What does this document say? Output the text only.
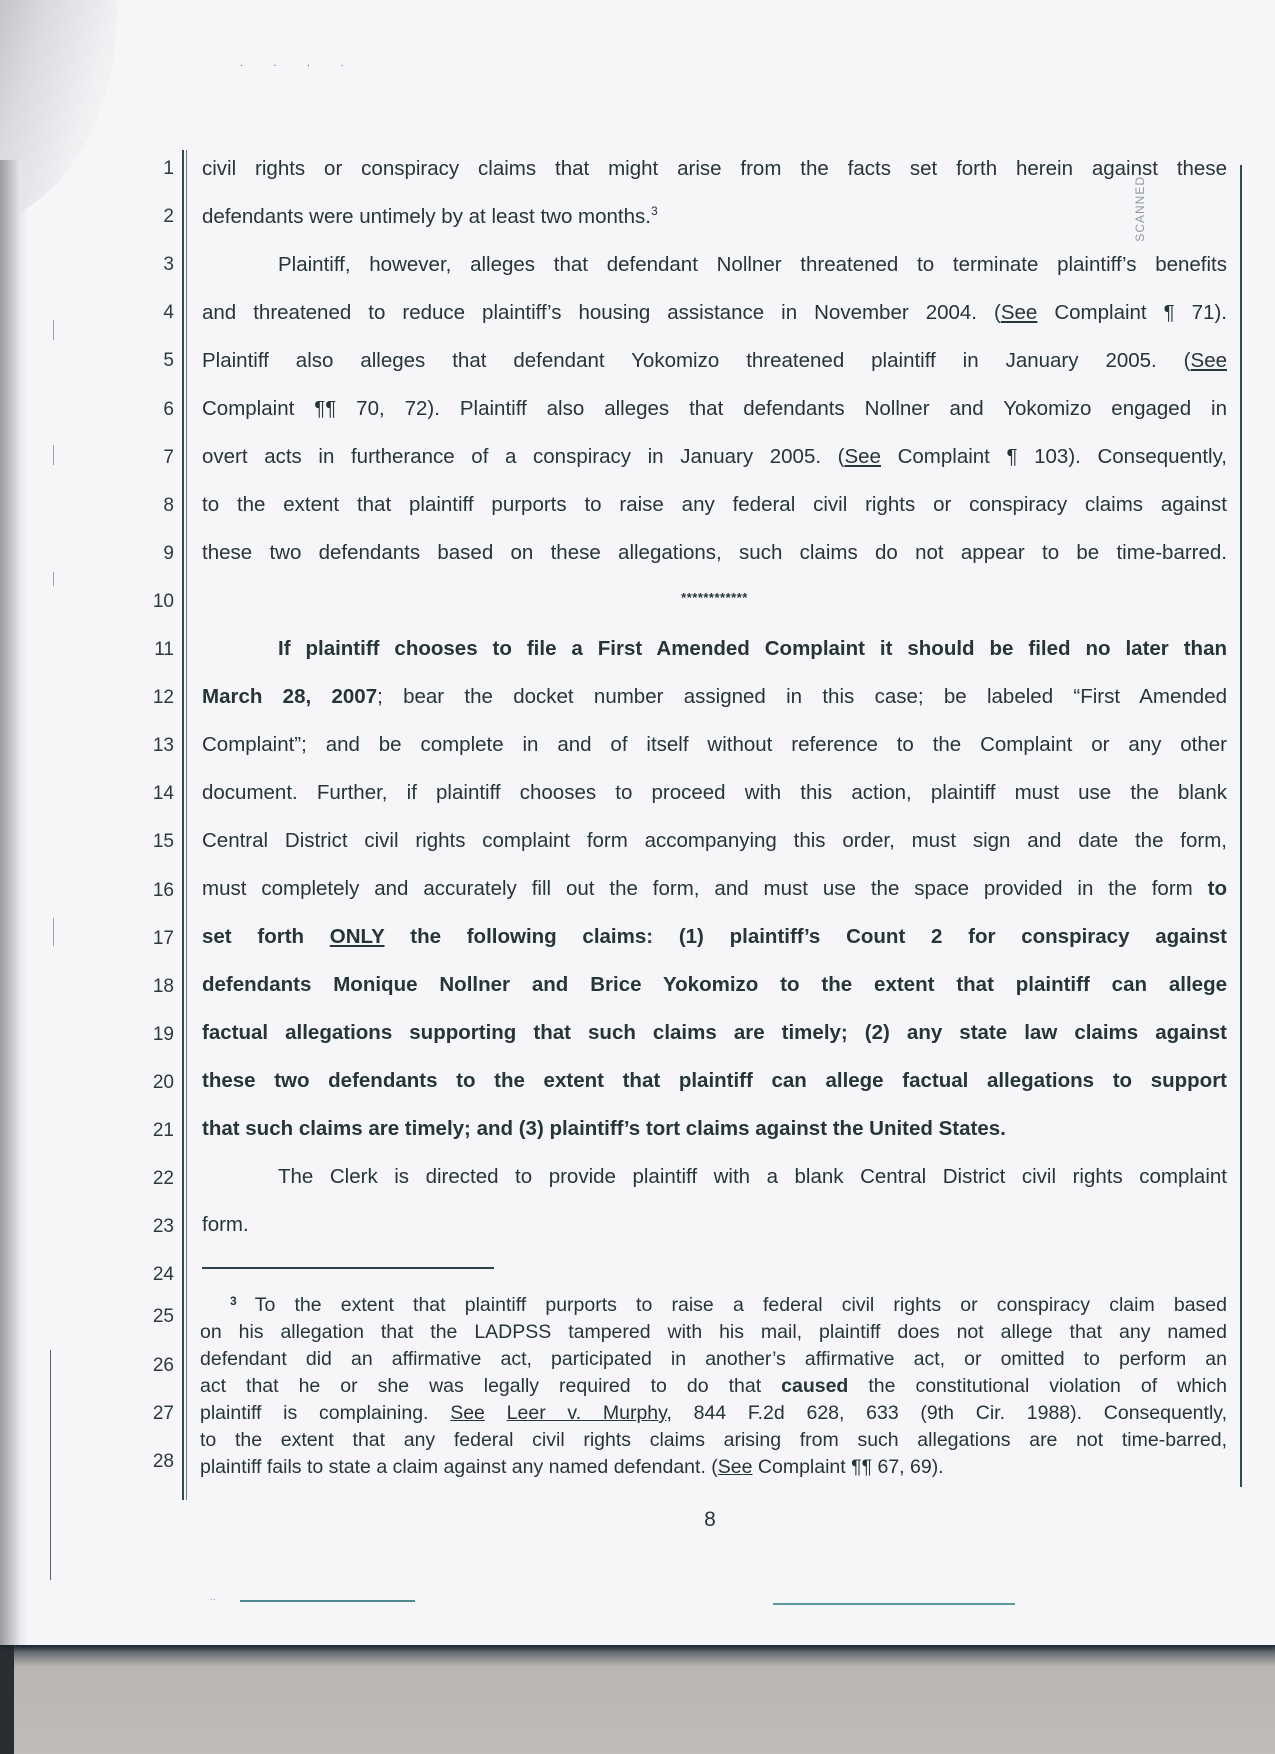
. . . .
SCANNED
1
2
3
4
5
6
7
8
9
10
11
12
13
14
15
16
17
18
19
20
21
22
23
24
25
26
27
28
civil rights or conspiracy claims that might arise from the facts set forth herein against these
defendants were untimely by at least two months.$^3$
Plaintiff, however, alleges that defendant Nollner threatened to terminate plaintiff’s benefits
and threatened to reduce plaintiff’s housing assistance in November 2004. (See Complaint ¶ 71).
Plaintiff also alleges that defendant Yokomizo threatened plaintiff in January 2005. (See
Complaint ¶¶ 70, 72). Plaintiff also alleges that defendants Nollner and Yokomizo engaged in
overt acts in furtherance of a conspiracy in January 2005. (See Complaint ¶ 103). Consequently,
to the extent that plaintiff purports to raise any federal civil rights or conspiracy claims against
these two defendants based on these allegations, such claims do not appear to be time-barred.
************
If plaintiff chooses to file a First Amended Complaint it should be filed no later than
March 28, 2007; bear the docket number assigned in this case; be labeled “First Amended
Complaint”; and be complete in and of itself without reference to the Complaint or any other
document. Further, if plaintiff chooses to proceed with this action, plaintiff must use the blank
Central District civil rights complaint form accompanying this order, must sign and date the form,
must completely and accurately fill out the form, and must use the space provided in the form to
set forth ONLY the following claims: (1) plaintiff’s Count 2 for conspiracy against
defendants Monique Nollner and Brice Yokomizo to the extent that plaintiff can allege
factual allegations supporting that such claims are timely; (2) any state law claims against
these two defendants to the extent that plaintiff can allege factual allegations to support
that such claims are timely; and (3) plaintiff’s tort claims against the United States.
The Clerk is directed to provide plaintiff with a blank Central District civil rights complaint
form.
$^3$ To the extent that plaintiff purports to raise a federal civil rights or conspiracy claim based
on his allegation that the LADPSS tampered with his mail, plaintiff does not allege that any named
defendant did an affirmative act, participated in another’s affirmative act, or omitted to perform an
act that he or she was legally required to do that caused the constitutional violation of which
plaintiff is complaining. See Leer v. Murphy, 844 F.2d 628, 633 (9th Cir. 1988). Consequently,
to the extent that any federal civil rights claims arising from such allegations are not time-barred,
plaintiff fails to state a claim against any named defendant. (See Complaint ¶¶ 67, 69).
8
··
